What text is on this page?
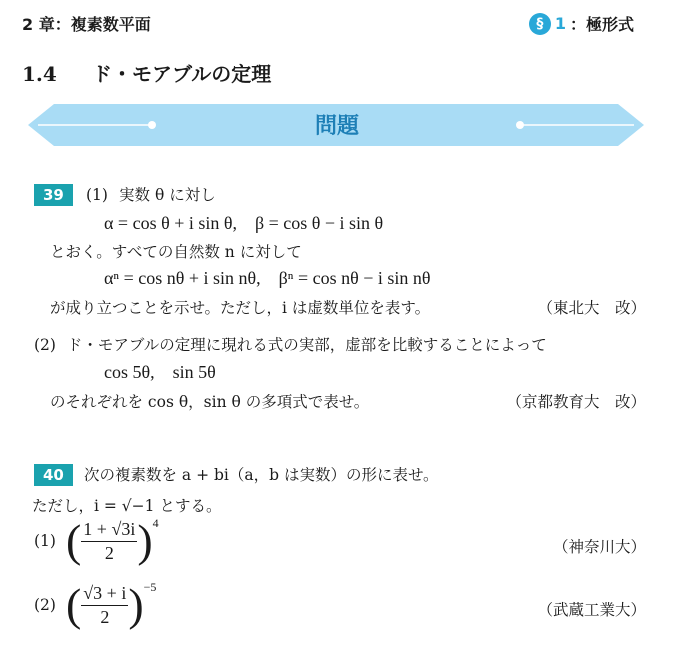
2 章：複素数平面	§ 1 ：極形式
1.4 ド・モアブルの定理
問題
39 (1) 実数 θ に対し
α = cos θ + i sin θ,　β = cos θ − i sin θ
とおく。すべての自然数 n に対して
αⁿ = cos nθ + i sin nθ,　βⁿ = cos nθ − i sin nθ
が成り立つことを示せ。ただし，i は虚数単位を表す。	（東北大　改）
(2) ド・モアブルの定理に現れる式の実部，虚部を比較することによって
cos 5θ,　sin 5θ
のそれぞれを cos θ，sin θ の多項式で表せ。	（京都教育大　改）
40 次の複素数を a + bi（a，b は実数）の形に表せ。
ただし，i = √−1 とする。
(1) ( $\frac{1 + √3i}{2} )^4$
（神奈川大）
(2) ( $\frac{√3 + i}{2} )^{-5}$
（武蔵工業大）
